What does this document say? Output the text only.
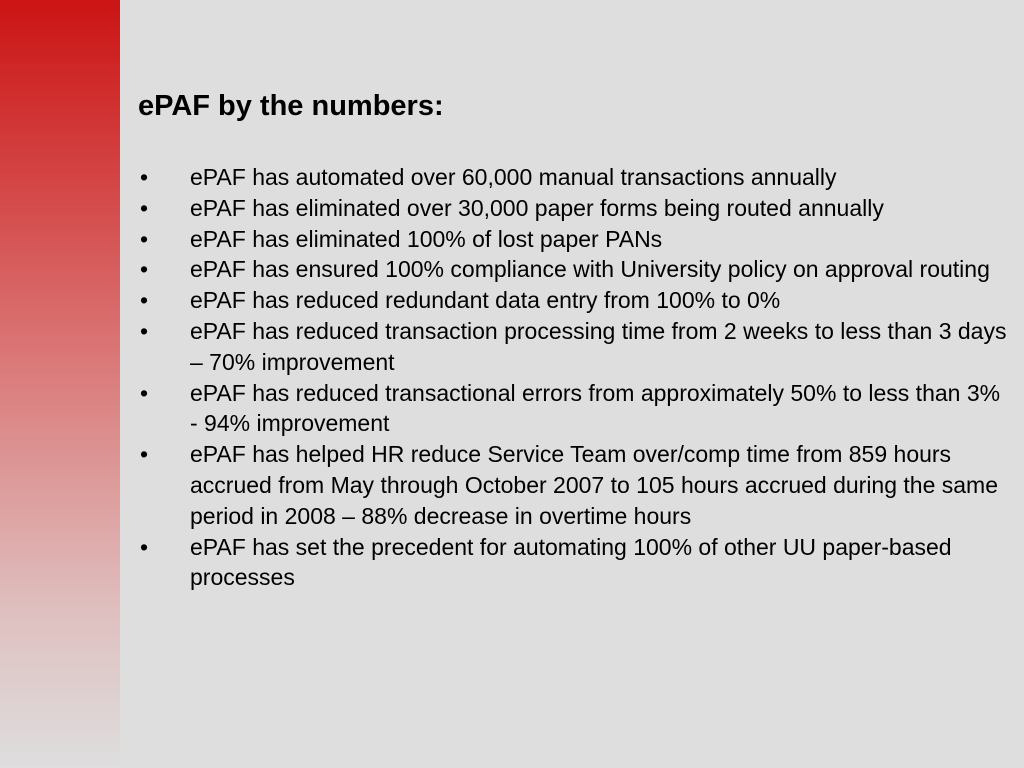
ePAF by the numbers:
• ePAF has automated over 60,000 manual transactions annually
• ePAF has eliminated over 30,000 paper forms being routed annually
• ePAF has eliminated 100% of lost paper PANs
• ePAF has ensured 100% compliance with University policy on approval routing
• ePAF has reduced redundant data entry from 100% to 0%
• ePAF has reduced transaction processing time from 2 weeks to less than 3 days – 70% improvement
• ePAF has reduced transactional errors from approximately 50% to less than 3% - 94% improvement
• ePAF has helped HR reduce Service Team over/comp time from 859 hours accrued from May through October 2007 to 105 hours accrued during the same period in 2008 – 88% decrease in overtime hours
• ePAF has set the precedent for automating 100% of other UU paper-based processes
